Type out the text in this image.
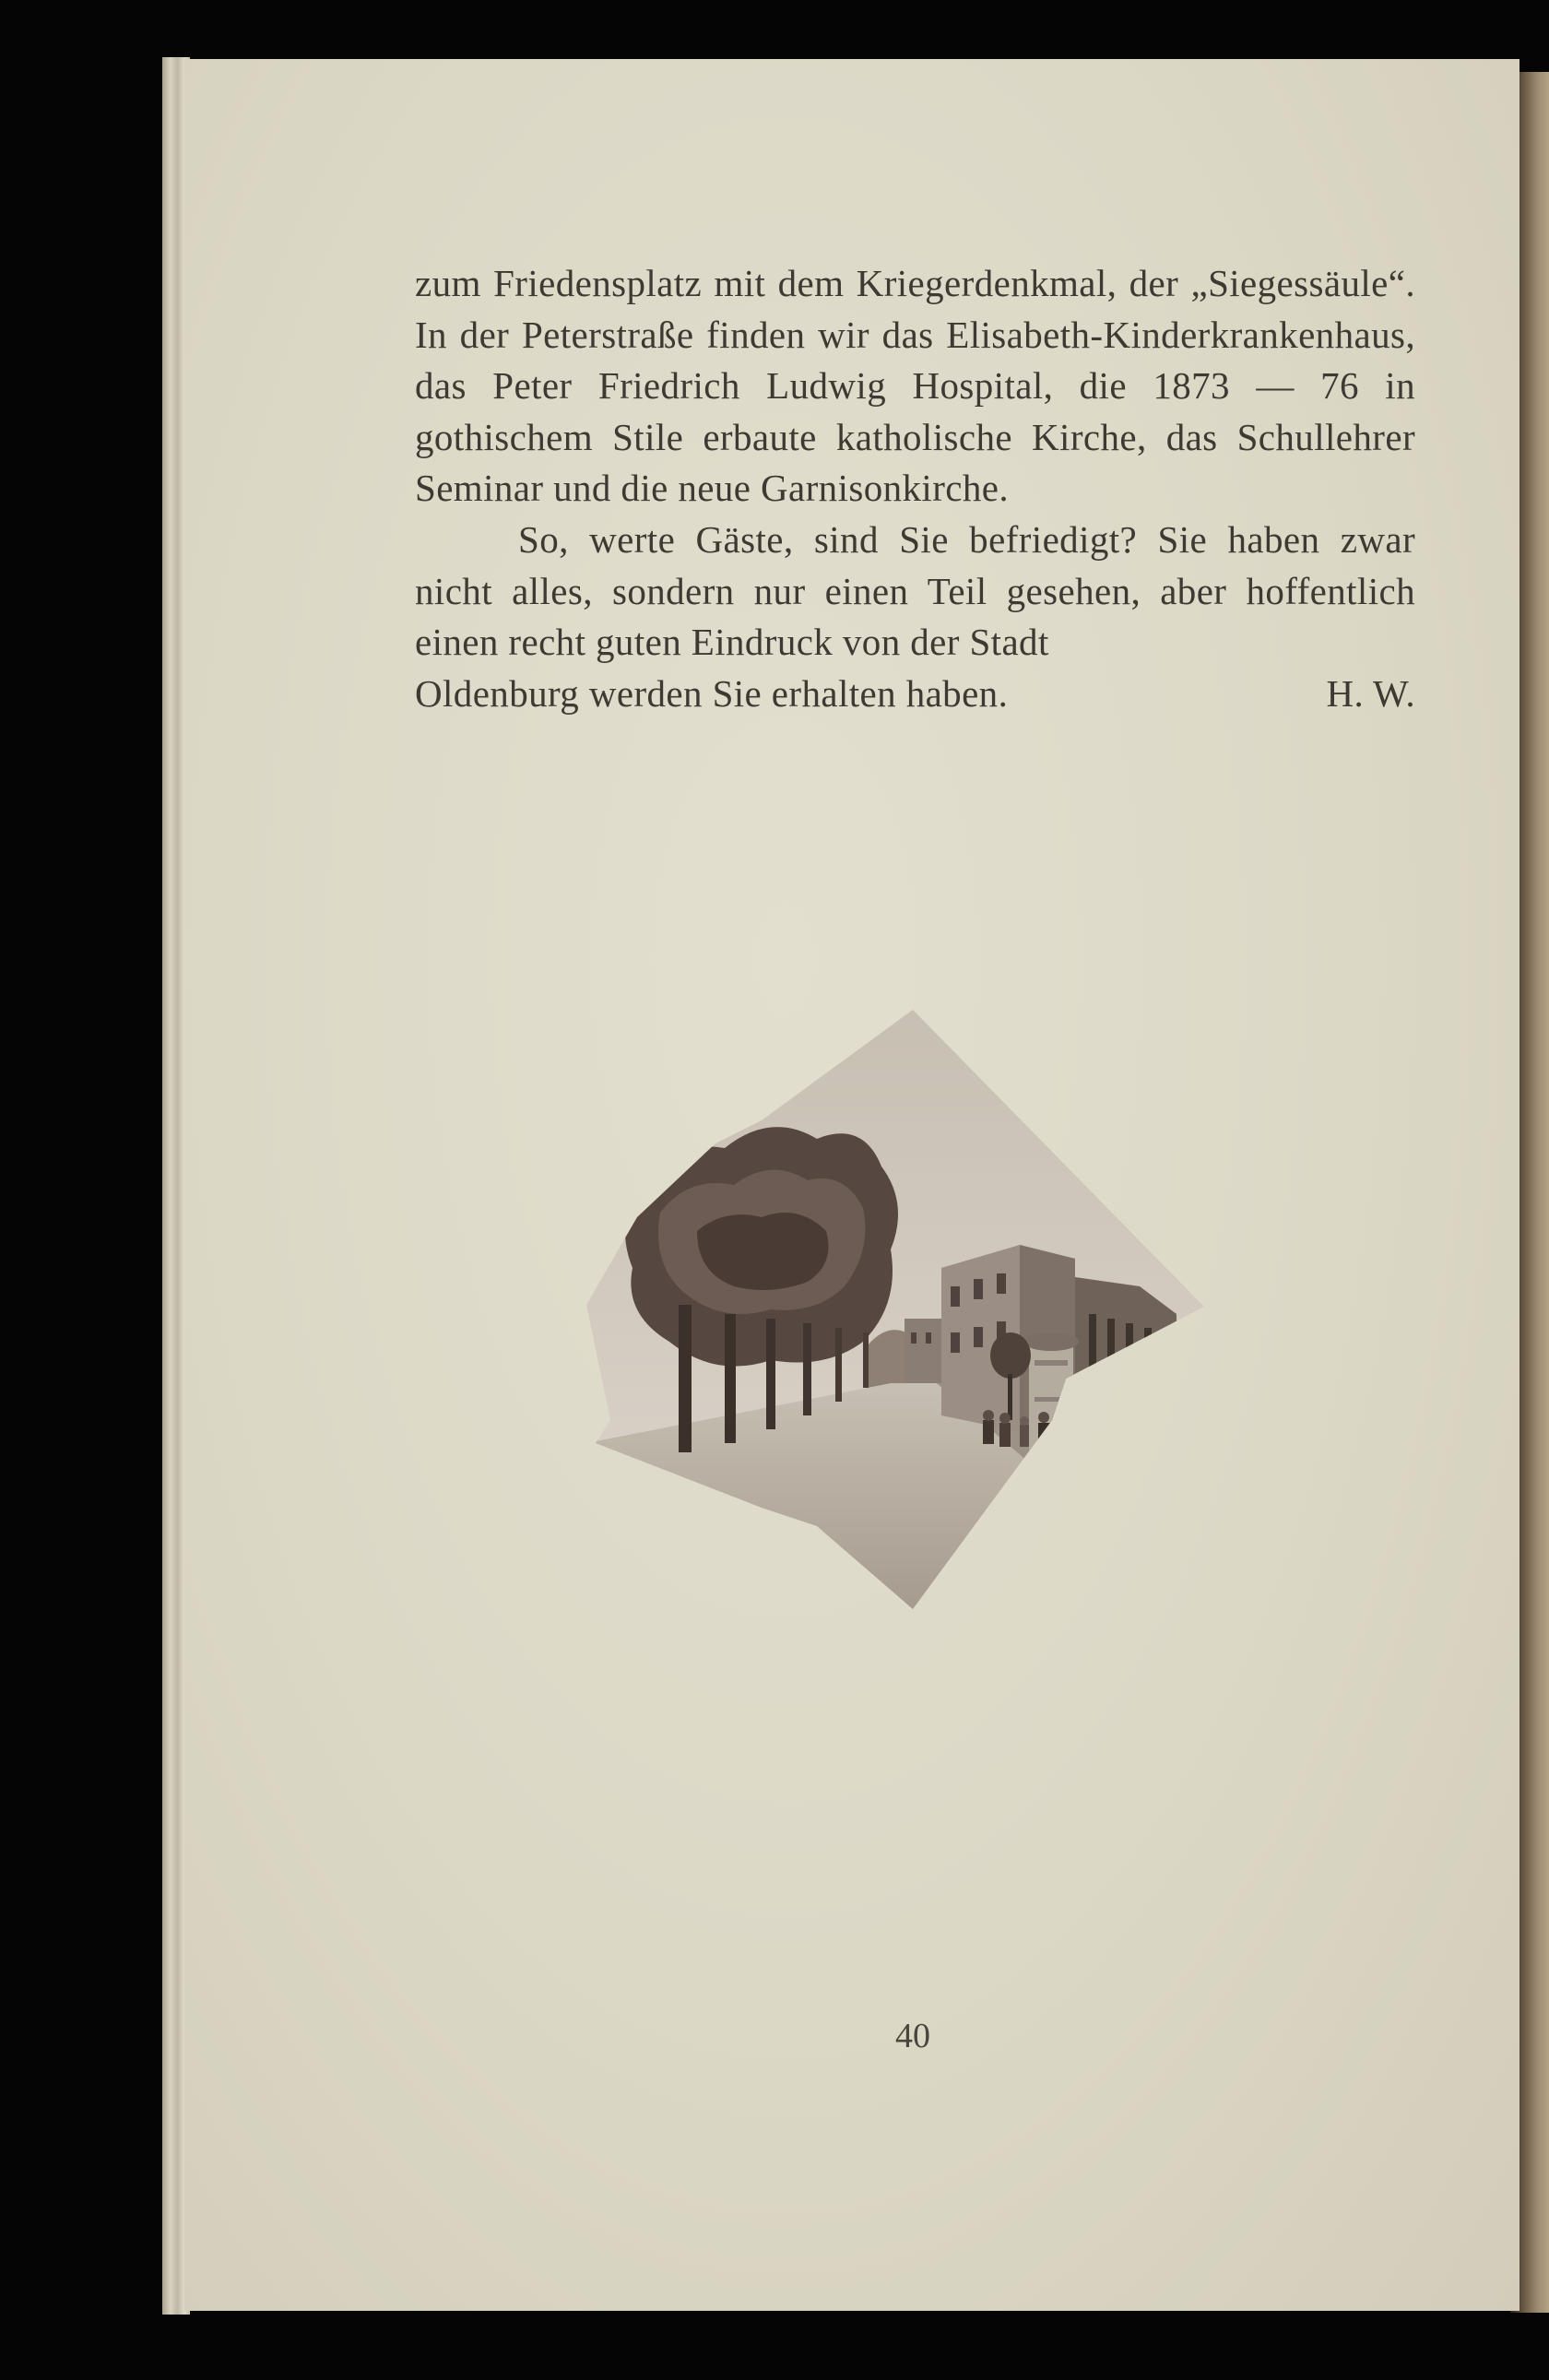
zum Friedensplatz mit dem Kriegerdenkmal, der „Siegessäule“. In der Peterstraße finden wir das Elisabeth-Kinderkrankenhaus, das Peter Friedrich Ludwig Hospital, die 1873 — 76 in gothischem Stile erbaute katholische Kirche, das Schullehrer Seminar und die neue Garnisonkirche.

So, werte Gäste, sind Sie befriedigt? Sie haben zwar nicht alles, sondern nur einen Teil gesehen, aber hoffentlich einen recht guten Eindruck von der Stadt

Oldenburg werden Sie erhalten haben.	H. W.
40
